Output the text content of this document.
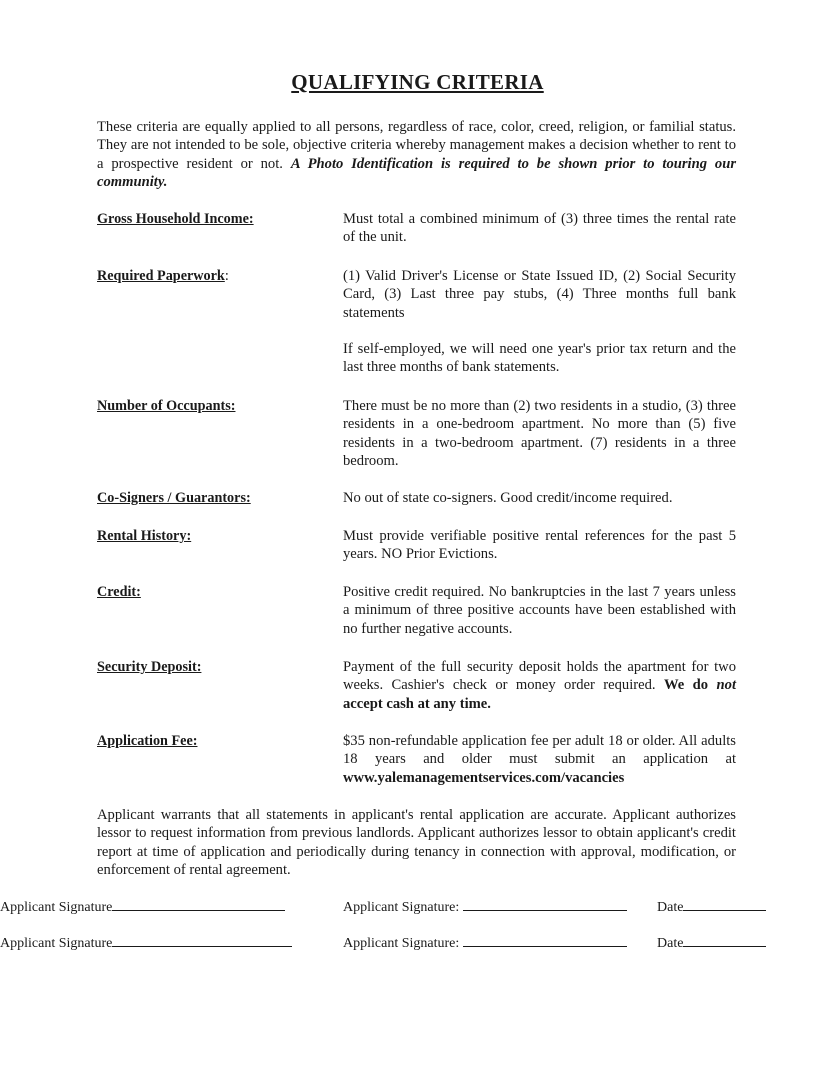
QUALIFYING CRITERIA
These criteria are equally applied to all persons, regardless of race, color, creed, religion, or familial status. They are not intended to be sole, objective criteria whereby management makes a decision whether to rent to a prospective resident or not. A Photo Identification is required to be shown prior to touring our community.
Gross Household Income:	Must total a combined minimum of (3) three times the rental rate of the unit.
Required Paperwork:	(1) Valid Driver's License or State Issued ID, (2) Social Security Card, (3) Last three pay stubs, (4) Three months full bank statements
If self-employed, we will need one year's prior tax return and the last three months of bank statements.
Number of Occupants:	There must be no more than (2) two residents in a studio, (3) three residents in a one-bedroom apartment. No more than (5) five residents in a two-bedroom apartment. (7) residents in a three bedroom.
Co-Signers / Guarantors:	No out of state co-signers. Good credit/income required.
Rental History:	Must provide verifiable positive rental references for the past 5 years. NO Prior Evictions.
Credit:	Positive credit required. No bankruptcies in the last 7 years unless a minimum of three positive accounts have been established with no further negative accounts.
Security Deposit:	Payment of the full security deposit holds the apartment for two weeks. Cashier's check or money order required. We do not accept cash at any time.
Application Fee:	$35 non-refundable application fee per adult 18 or older. All adults 18 years and older must submit an application at www.yalemanagementservices.com/vacancies
Applicant warrants that all statements in applicant's rental application are accurate. Applicant authorizes lessor to request information from previous landlords. Applicant authorizes lessor to obtain applicant's credit report at time of application and periodically during tenancy in connection with approval, modification, or enforcement of rental agreement.
Applicant Signature	Applicant Signature:	Date
Applicant Signature	Applicant Signature:	Date
